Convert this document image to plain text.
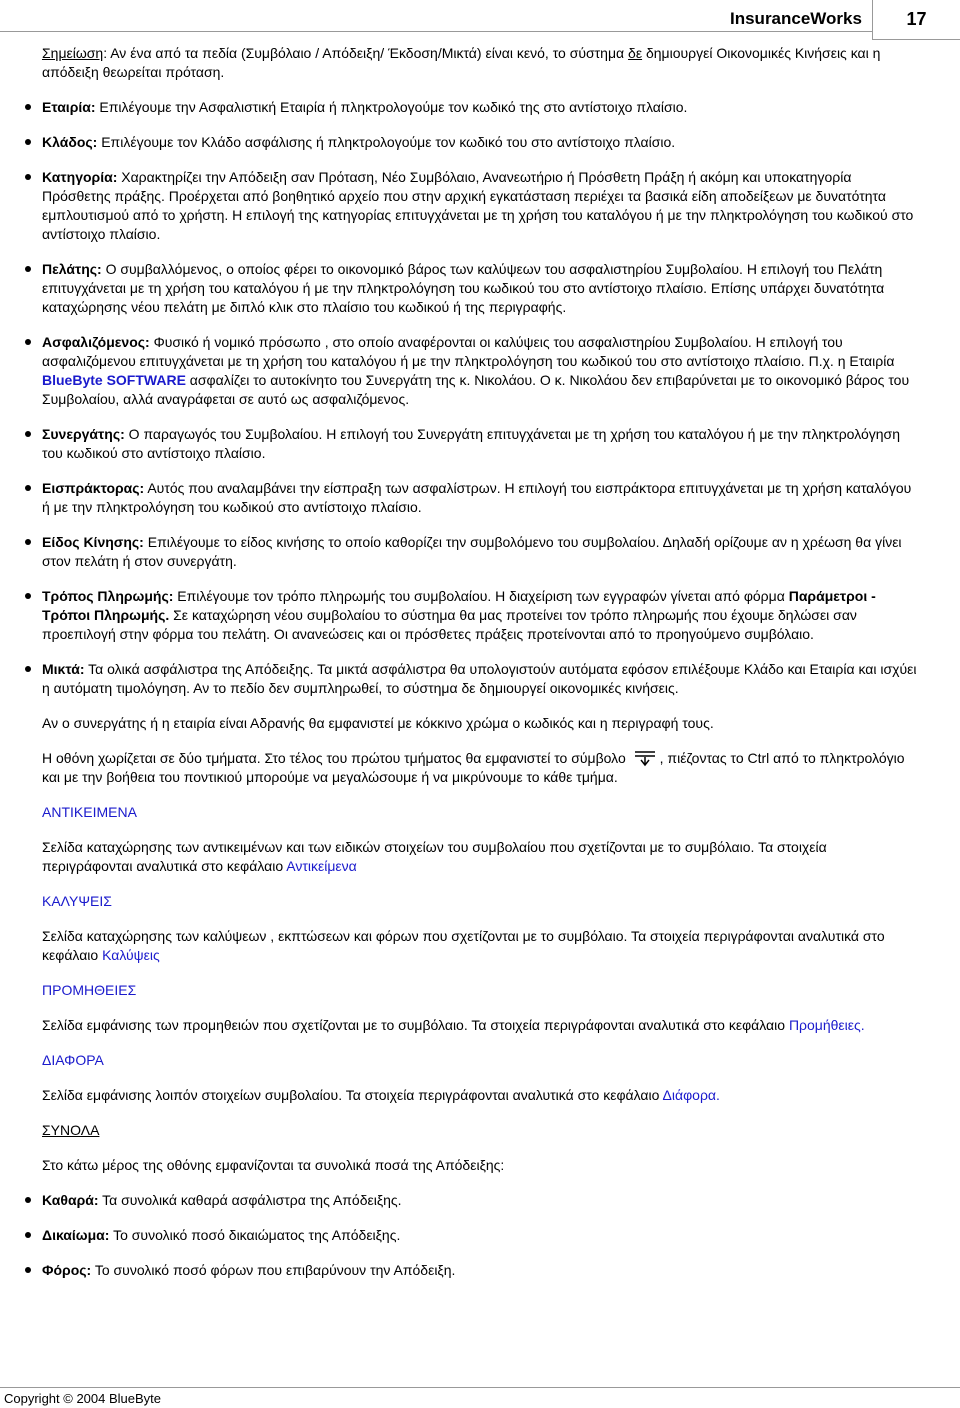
InsuranceWorks	17

Σημείωση: Αν ένα από τα πεδία (Συμβόλαιο / Απόδειξη/ Έκδοση/Μικτά) είναι κενό, το σύστημα δε δημιουργεί Οικονομικές Κινήσεις και η απόδειξη θεωρείται πρόταση.

Εταιρία: Επιλέγουμε την Ασφαλιστική Εταιρία ή πληκτρολογούμε τον κωδικό της στο αντίστοιχο πλαίσιο.
Κλάδος: Επιλέγουμε τον Κλάδο ασφάλισης ή πληκτρολογούμε τον κωδικό του στο αντίστοιχο πλαίσιο.
Κατηγορία: Χαρακτηρίζει την Απόδειξη σαν Πρόταση, Νέο Συμβόλαιο, Ανανεωτήριο ή Πρόσθετη Πράξη ή ακόμη και υποκατηγορία Πρόσθετης πράξης. Προέρχεται από βοηθητικό αρχείο που στην αρχική εγκατάσταση περιέχει τα βασικά είδη αποδείξεων με δυνατότητα εμπλουτισμού από το χρήστη. Η επιλογή της κατηγορίας επιτυγχάνεται με τη χρήση του καταλόγου ή με την πληκτρολόγηση του κωδικού στο αντίστοιχο πλαίσιο.
Πελάτης: Ο συμβαλλόμενος, ο οποίος φέρει το οικονομικό βάρος των καλύψεων του ασφαλιστηρίου Συμβολαίου. Η επιλογή του Πελάτη επιτυγχάνεται με τη χρήση του καταλόγου ή με την πληκτρολόγηση του κωδικού του στο αντίστοιχο πλαίσιο. Επίσης υπάρχει δυνατότητα καταχώρησης νέου πελάτη με διπλό κλικ στο πλαίσιο του κωδικού ή της περιγραφής.
Ασφαλιζόμενος: Φυσικό ή νομικό πρόσωπο , στο οποίο αναφέρονται οι καλύψεις του ασφαλιστηρίου Συμβολαίου. Η επιλογή του ασφαλιζόμενου επιτυγχάνεται με τη χρήση του καταλόγου ή με την πληκτρολόγηση του κωδικού του στο αντίστοιχο πλαίσιο. Π.χ. η Εταιρία BlueByte SOFTWARE ασφαλίζει το αυτοκίνητο του Συνεργάτη της κ. Νικολάου. Ο κ. Νικολάου δεν επιβαρύνεται με το οικονομικό βάρος του Συμβολαίου, αλλά αναγράφεται σε αυτό ως ασφαλιζόμενος.
Συνεργάτης: Ο παραγωγός του Συμβολαίου. Η επιλογή του Συνεργάτη επιτυγχάνεται με τη χρήση του καταλόγου ή με την πληκτρολόγηση του κωδικού στο αντίστοιχο πλαίσιο.
Εισπράκτορας: Αυτός που αναλαμβάνει την είσπραξη των ασφαλίστρων. Η επιλογή του εισπράκτορα επιτυγχάνεται με τη χρήση καταλόγου ή με την πληκτρολόγηση του κωδικού στο αντίστοιχο πλαίσιο.
Είδος Κίνησης: Επιλέγουμε το είδος κινήσης το οποίο καθορίζει την συμβολόμενο του συμβολαίου. Δηλαδή ορίζουμε αν η χρέωση θα γίνει στον πελάτη ή στον συνεργάτη.
Τρόπος Πληρωμής: Επιλέγουμε τον τρόπο πληρωμής του συμβολαίου. Η διαχείριση των εγγραφών γίνεται από φόρμα Παράμετροι - Τρόποι Πληρωμής. Σε καταχώρηση νέου συμβολαίου το σύστημα θα μας προτείνει τον τρόπο πληρωμής που έχουμε δηλώσει σαν προεπιλογή στην φόρμα του πελάτη. Οι ανανεώσεις και οι πρόσθετες πράξεις προτείνονται από το προηγούμενο συμβόλαιο.
Μικτά: Τα ολικά ασφάλιστρα της Απόδειξης. Τα μικτά ασφάλιστρα θα υπολογιστούν αυτόματα εφόσον επιλέξουμε Κλάδο και Εταιρία και ισχύει η αυτόματη τιμολόγηση. Αν το πεδίο δεν συμπληρωθεί, το σύστημα δε δημιουργεί οικονομικές κινήσεις.

Αν ο συνεργάτης ή η εταιρία είναι Αδρανής θα εμφανιστεί με κόκκινο χρώμα ο κωδικός και η περιγραφή τους.

Η οθόνη χωρίζεται σε δύο τμήματα. Στο τέλος του πρώτου τμήματος θα εμφανιστεί το σύμβολο , πιέζοντας το Ctrl από το πληκτρολόγιο και με την βοήθεια του ποντικιού μπορούμε να μεγαλώσουμε ή να μικρύνουμε το κάθε τμήμα.

ΑΝΤΙΚΕΙΜΕΝΑ

Σελίδα καταχώρησης των αντικειμένων και των ειδικών στοιχείων του συμβολαίου που σχετίζονται με το συμβόλαιο. Τα στοιχεία περιγράφονται αναλυτικά στο κεφάλαιο Αντικείμενα

ΚΑΛΥΨΕΙΣ

Σελίδα καταχώρησης των καλύψεων , εκπτώσεων και φόρων που σχετίζονται με το συμβόλαιο. Τα στοιχεία περιγράφονται αναλυτικά στο κεφάλαιο Καλύψεις

ΠΡΟΜΗΘΕΙΕΣ

Σελίδα εμφάνισης των προμηθειών που σχετίζονται με το συμβόλαιο. Τα στοιχεία περιγράφονται αναλυτικά στο κεφάλαιο Προμήθειες.

ΔΙΑΦΟΡΑ

Σελίδα εμφάνισης λοιπόν στοιχείων συμβολαίου. Τα στοιχεία περιγράφονται αναλυτικά στο κεφάλαιο Διάφορα.

ΣΥΝΟΛΑ

Στο κάτω μέρος της οθόνης εμφανίζονται τα συνολικά ποσά της Απόδειξης:

Καθαρά: Τα συνολικά καθαρά ασφάλιστρα της Απόδειξης.
Δικαίωμα: Το συνολικό ποσό δικαιώματος της Απόδειξης.
Φόρος: Το συνολικό ποσό φόρων που επιβαρύνουν την Απόδειξη.
Copyright © 2004 BlueByte
